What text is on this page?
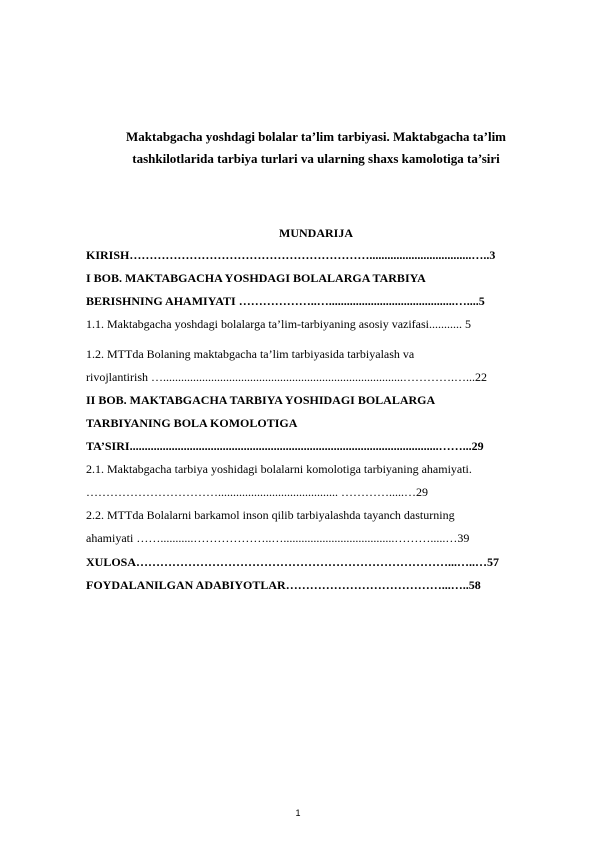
Maktabgacha yoshdagi bolalar ta’lim tarbiyasi. Maktabgacha ta’lim
tashkilotlarida tarbiya turlari va ularning shaxs kamolotiga ta’siri
MUNDARIJA
KIRISH……………………………………………………..................................…..3
I BOB. MAKTABGACHA YOSHDAGI BOLALARGA TARBIYA
BERISHNING AHAMIYATI ………………..…..........................................…....5
1.1. Maktabgacha yoshdagi bolalarga ta’lim-tarbiyaning asosiy vazifasi........... 5
1.2. MTTda Bolaning maktabgacha ta’lim tarbiyasida tarbiyalash va
rivojlantirish …................................................................................………….…...22
II BOB. MAKTABGACHA TARBIYA YOSHIDAGI BOLALARGA
TARBIYANING BOLA KOMOLOTIGA
TA’SIRI.......................................................................................................……...29
2.1. Maktabgacha tarbiya yoshidagi bolalarni komolotiga tarbiyaning ahamiyati.
……………………………........................................ ………….....…29
2.2. MTTda Bolalarni barkamol inson qilib tarbiyalashda tayanch dasturning
ahamiyati ……...........………………..….....................................……….....…39
XULOSA……………………………………………………………………...…..…57
FOYDALANILGAN ADABIYOTLAR…………………………………...…..58
1
